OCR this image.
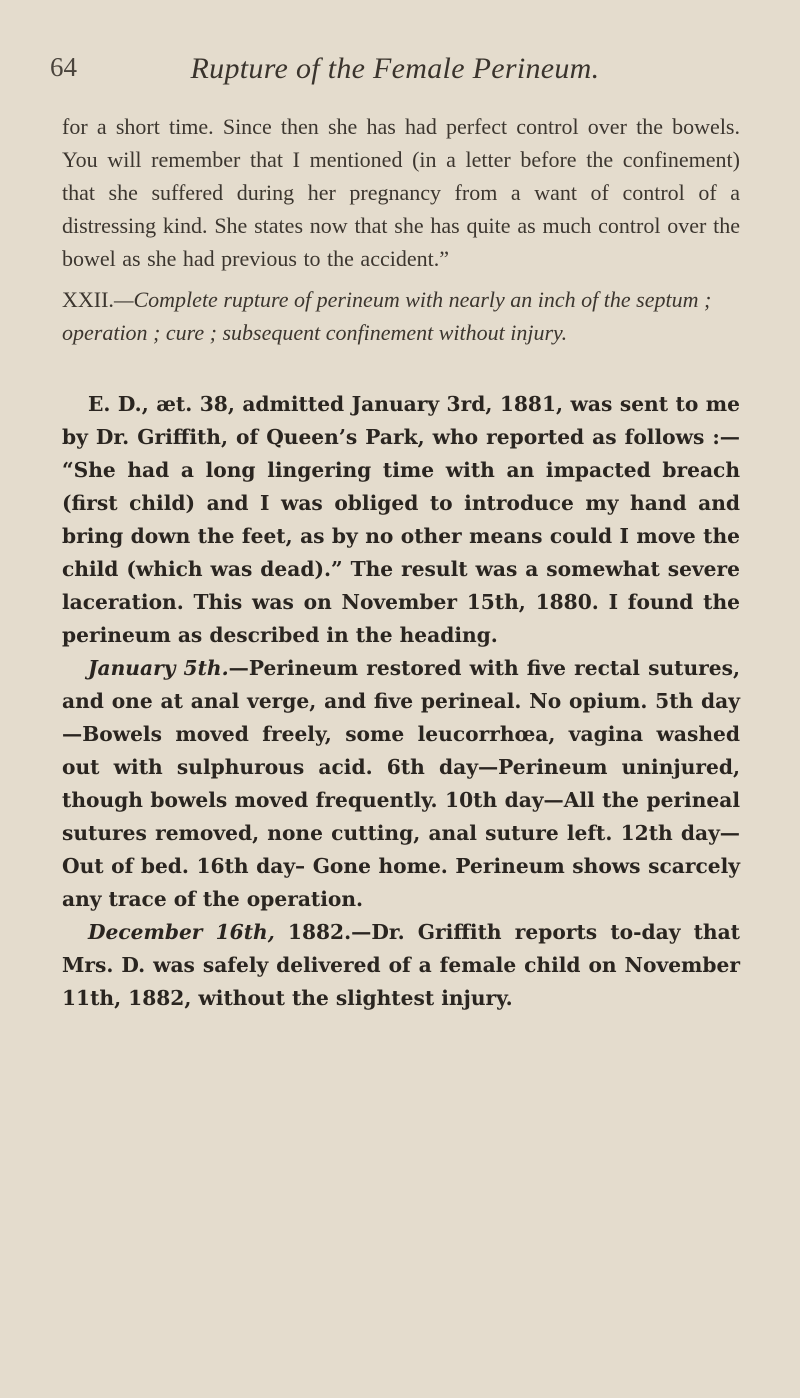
64	Rupture of the Female Perineum.
for a short time. Since then she has had perfect control over the bowels. You will remember that I mentioned (in a letter before the confinement) that she suffered during her pregnancy from a want of control of a distressing kind. She states now that she has quite as much control over the bowel as she had previous to the accident.”
XXII.—Complete rupture of perineum with nearly an inch of the septum ; operation ; cure ; subsequent confinement without injury.

E. D., æt. 38, admitted January 3rd, 1881, was sent to me by Dr. Griffith, of Queen’s Park, who reported as follows :— “She had a long lingering time with an impacted breach (first child) and I was obliged to introduce my hand and bring down the feet, as by no other means could I move the child (which was dead).” The result was a somewhat severe laceration. This was on November 15th, 1880. I found the perineum as described in the heading.

January 5th.—Perineum restored with five rectal sutures, and one at anal verge, and five perineal. No opium. 5th day—Bowels moved freely, some leucorrhœa, vagina washed out with sulphurous acid. 6th day—Perineum uninjured, though bowels moved frequently. 10th day—All the perineal sutures removed, none cutting, anal suture left. 12th day—Out of bed. 16th day– Gone home. Perineum shows scarcely any trace of the operation.

December 16th, 1882.—Dr. Griffith reports to-day that Mrs. D. was safely delivered of a female child on November 11th, 1882, without the slightest injury.
